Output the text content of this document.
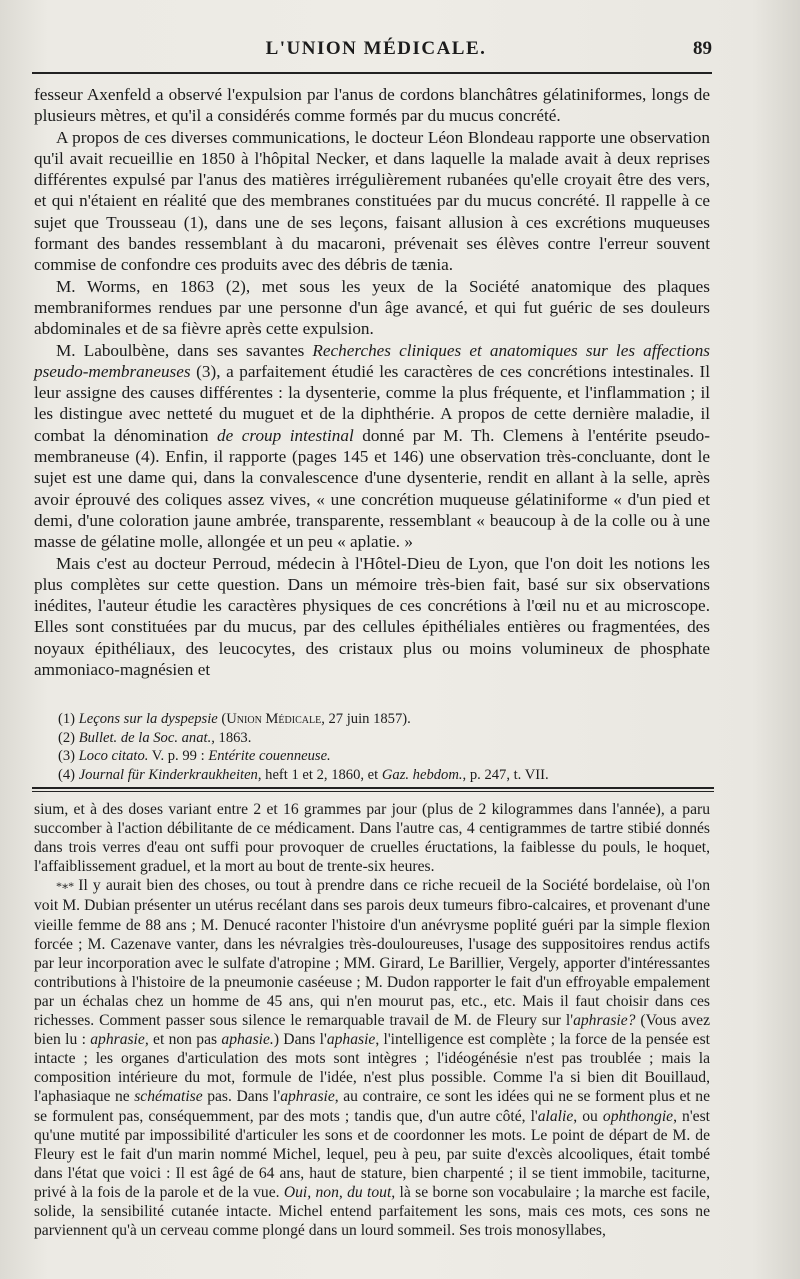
L'UNION MÉDICALE.	89

fesseur Axenfeld a observé l'expulsion par l'anus de cordons blanchâtres gélatiniformes, longs de plusieurs mètres, et qu'il a considérés comme formés par du mucus concrété.

A propos de ces diverses communications, le docteur Léon Blondeau rapporte une observation qu'il avait recueillie en 1850 à l'hôpital Necker, et dans laquelle la malade avait à deux reprises différentes expulsé par l'anus des matières irrégulièrement rubanées qu'elle croyait être des vers, et qui n'étaient en réalité que des membranes constituées par du mucus concrété. Il rappelle à ce sujet que Trousseau (1), dans une de ses leçons, faisant allusion à ces excrétions muqueuses formant des bandes ressemblant à du macaroni, prévenait ses élèves contre l'erreur souvent commise de confondre ces produits avec des débris de tænia.

M. Worms, en 1863 (2), met sous les yeux de la Société anatomique des plaques membraniformes rendues par une personne d'un âge avancé, et qui fut guéric de ses douleurs abdominales et de sa fièvre après cette expulsion.

M. Laboulbène, dans ses savantes Recherches cliniques et anatomiques sur les affections pseudo-membraneuses (3), a parfaitement étudié les caractères de ces concrétions intestinales. Il leur assigne des causes différentes : la dysenterie, comme la plus fréquente, et l'inflammation ; il les distingue avec netteté du muguet et de la diphthérie. A propos de cette dernière maladie, il combat la dénomination de croup intestinal donné par M. Th. Clemens à l'entérite pseudo-membraneuse (4). Enfin, il rapporte (pages 145 et 146) une observation très-concluante, dont le sujet est une dame qui, dans la convalescence d'une dysenterie, rendit en allant à la selle, après avoir éprouvé des coliques assez vives, « une concrétion muqueuse gélatiniforme « d'un pied et demi, d'une coloration jaune ambrée, transparente, ressemblant « beaucoup à de la colle ou à une masse de gélatine molle, allongée et un peu « aplatie. »

Mais c'est au docteur Perroud, médecin à l'Hôtel-Dieu de Lyon, que l'on doit les notions les plus complètes sur cette question. Dans un mémoire très-bien fait, basé sur six observations inédites, l'auteur étudie les caractères physiques de ces concrétions à l'œil nu et au microscope. Elles sont constituées par du mucus, par des cellules épithéliales entières ou fragmentées, des noyaux épithéliaux, des leucocytes, des cristaux plus ou moins volumineux de phosphate ammoniaco-magnésien et

(1) Leçons sur la dyspepsie (Union Médicale, 27 juin 1857).
(2) Bullet. de la Soc. anat., 1863.
(3) Loco citato. V. p. 99 : Entérite couenneuse.
(4) Journal für Kinderkraukheiten, heft 1 et 2, 1860, et Gaz. hebdom., p. 247, t. VII.

sium, et à des doses variant entre 2 et 16 grammes par jour (plus de 2 kilogrammes dans l'année), a paru succomber à l'action débilitante de ce médicament. Dans l'autre cas, 4 centigrammes de tartre stibié donnés dans trois verres d'eau ont suffi pour provoquer de cruelles éructations, la faiblesse du pouls, le hoquet, l'affaiblissement graduel, et la mort au bout de trente-six heures.

*∗* Il y aurait bien des choses, ou tout à prendre dans ce riche recueil de la Société bordelaise, où l'on voit M. Dubian présenter un utérus recélant dans ses parois deux tumeurs fibro-calcaires, et provenant d'une vieille femme de 88 ans ; M. Denucé raconter l'histoire d'un anévrysme poplité guéri par la simple flexion forcée ; M. Cazenave vanter, dans les névralgies très-douloureuses, l'usage des suppositoires rendus actifs par leur incorporation avec le sulfate d'atropine ; MM. Girard, Le Barillier, Vergely, apporter d'intéressantes contributions à l'histoire de la pneumonie caséeuse ; M. Dudon rapporter le fait d'un effroyable empalement par un échalas chez un homme de 45 ans, qui n'en mourut pas, etc., etc. Mais il faut choisir dans ces richesses. Comment passer sous silence le remarquable travail de M. de Fleury sur l'aphrasie? (Vous avez bien lu : aphrasie, et non pas aphasie.) Dans l'aphasie, l'intelligence est complète ; la force de la pensée est intacte ; les organes d'articulation des mots sont intègres ; l'idéogénésie n'est pas troublée ; mais la composition intérieure du mot, formule de l'idée, n'est plus possible. Comme l'a si bien dit Bouillaud, l'aphasiaque ne schématise pas. Dans l'aphrasie, au contraire, ce sont les idées qui ne se forment plus et ne se formulent pas, conséquemment, par des mots ; tandis que, d'un autre côté, l'alalie, ou ophthongie, n'est qu'une mutité par impossibilité d'articuler les sons et de coordonner les mots. Le point de départ de M. de Fleury est le fait d'un marin nommé Michel, lequel, peu à peu, par suite d'excès alcooliques, était tombé dans l'état que voici : Il est âgé de 64 ans, haut de stature, bien charpenté ; il se tient immobile, taciturne, privé à la fois de la parole et de la vue. Oui, non, du tout, là se borne son vocabulaire ; la marche est facile, solide, la sensibilité cutanée intacte. Michel entend parfaitement les sons, mais ces mots, ces sons ne parviennent qu'à un cerveau comme plongé dans un lourd sommeil. Ses trois monosyllabes,
